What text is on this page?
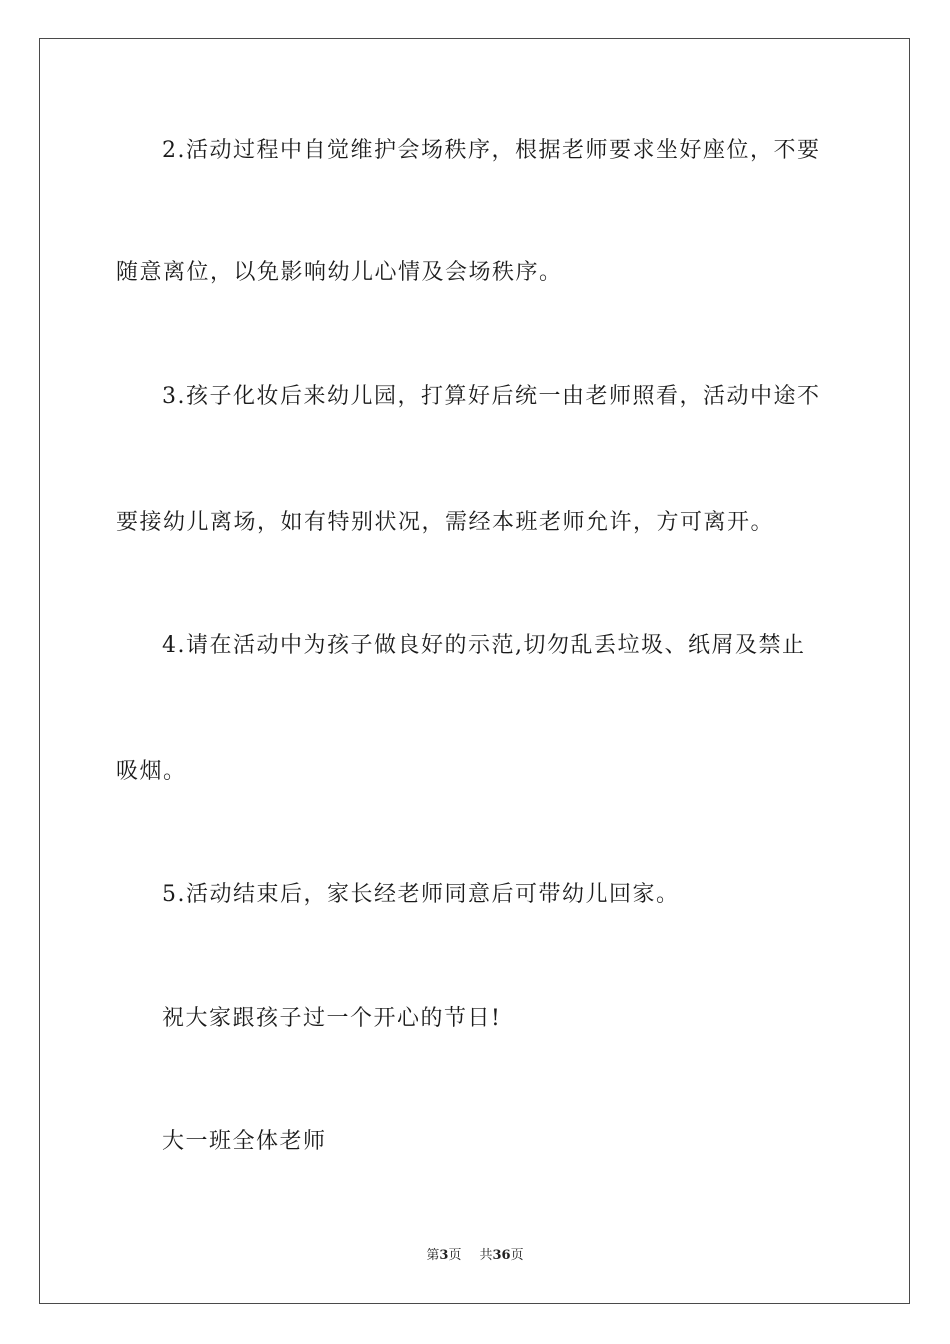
2.活动过程中自觉维护会场秩序，根据老师要求坐好座位，不要
随意离位，以免影响幼儿心情及会场秩序。
3.孩子化妆后来幼儿园，打算好后统一由老师照看，活动中途不
要接幼儿离场，如有特别状况，需经本班老师允许，方可离开。
4.请在活动中为孩子做良好的示范,切勿乱丢垃圾、纸屑及禁止
吸烟。
5.活动结束后，家长经老师同意后可带幼儿回家。
祝大家跟孩子过一个开心的节日!
大一班全体老师
第3页 共36页
